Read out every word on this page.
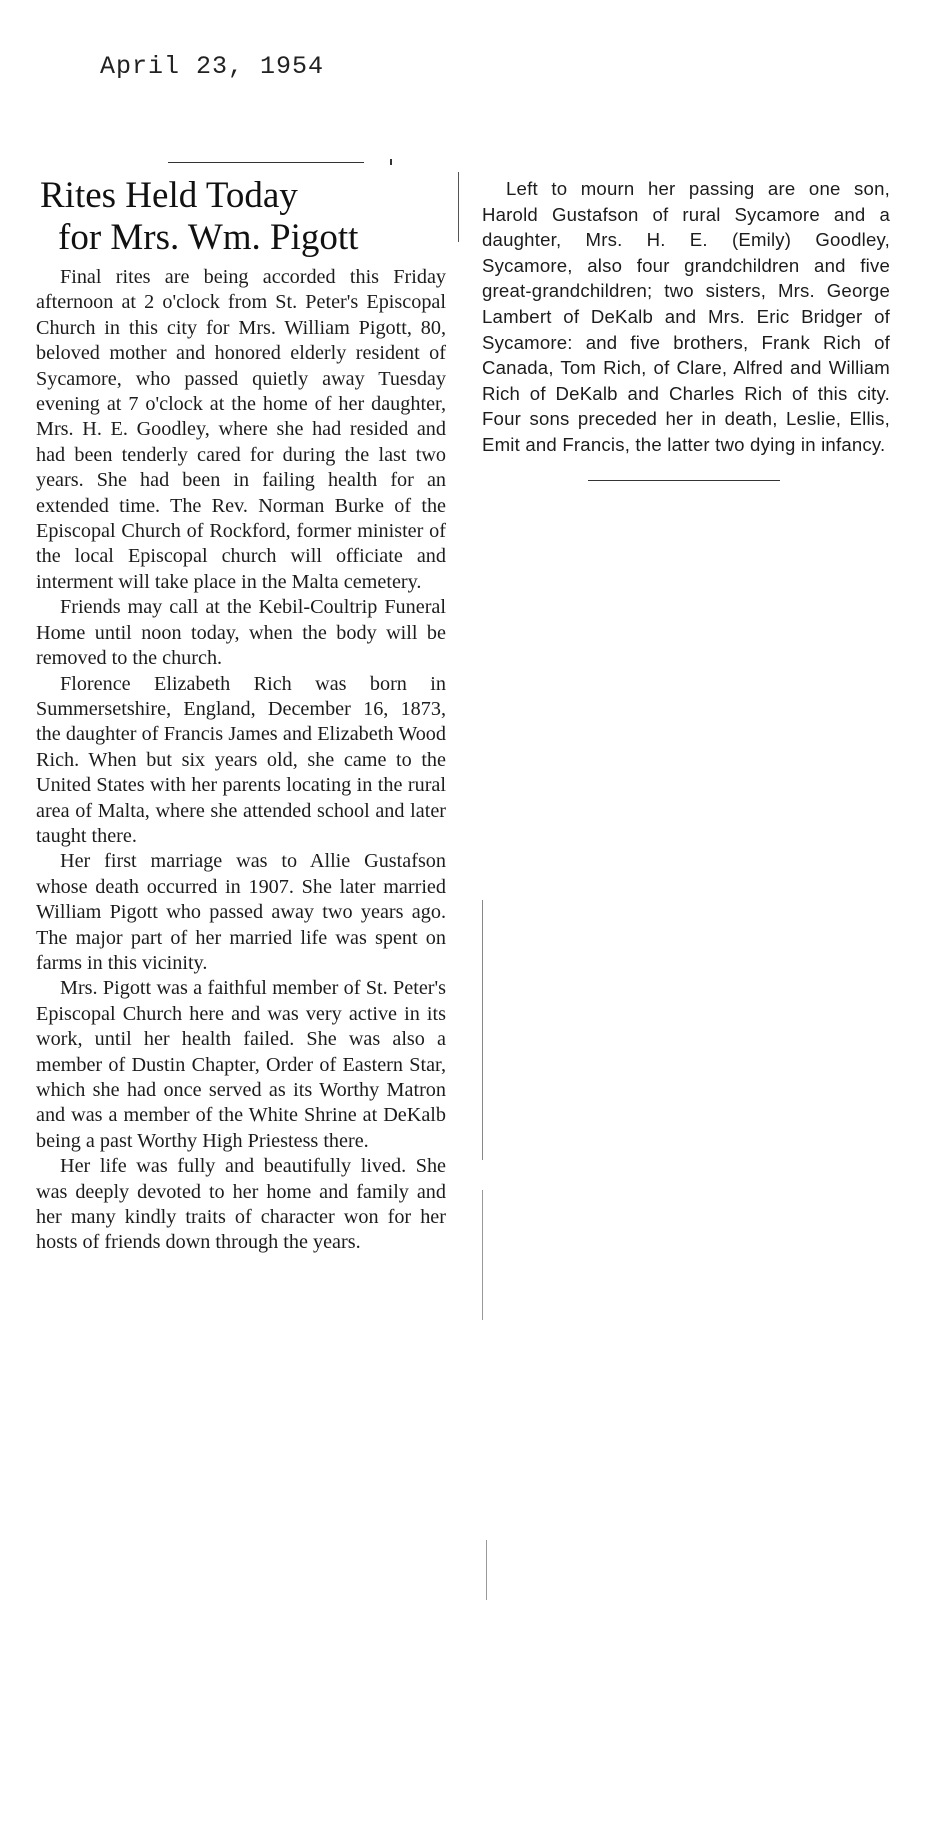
April 23, 1954
Rites Held Today
for Mrs. Wm. Pigott

Final rites are being accorded this Friday afternoon at 2 o'clock from St. Peter's Episcopal Church in this city for Mrs. William Pigott, 80, beloved mother and honored elderly resident of Sycamore, who passed quietly away Tuesday evening at 7 o'clock at the home of her daughter, Mrs. H. E. Goodley, where she had resided and had been tenderly cared for during the last two years. She had been in failing health for an extended time. The Rev. Norman Burke of the Episcopal Church of Rockford, former minister of the local Episcopal church will officiate and interment will take place in the Malta cemetery.

Friends may call at the Kebil-Coultrip Funeral Home until noon today, when the body will be removed to the church.

Florence Elizabeth Rich was born in Summersetshire, England, December 16, 1873, the daughter of Francis James and Elizabeth Wood Rich. When but six years old, she came to the United States with her parents locating in the rural area of Malta, where she attended school and later taught there.

Her first marriage was to Allie Gustafson whose death occurred in 1907. She later married William Pigott who passed away two years ago. The major part of her married life was spent on farms in this vicinity.

Mrs. Pigott was a faithful member of St. Peter's Episcopal Church here and was very active in its work, until her health failed. She was also a member of Dustin Chapter, Order of Eastern Star, which she had once served as its Worthy Matron and was a member of the White Shrine at DeKalb being a past Worthy High Priestess there.

Her life was fully and beautifully lived. She was deeply devoted to her home and family and her many kindly traits of character won for her hosts of friends down through the years.

Left to mourn her passing are one son, Harold Gustafson of rural Sycamore and a daughter, Mrs. H. E. (Emily) Goodley, Sycamore, also four grandchildren and five great-grandchildren; two sisters, Mrs. George Lambert of DeKalb and Mrs. Eric Bridger of Sycamore: and five brothers, Frank Rich of Canada, Tom Rich, of Clare, Alfred and William Rich of DeKalb and Charles Rich of this city. Four sons preceded her in death, Leslie, Ellis, Emit and Francis, the latter two dying in infancy.
